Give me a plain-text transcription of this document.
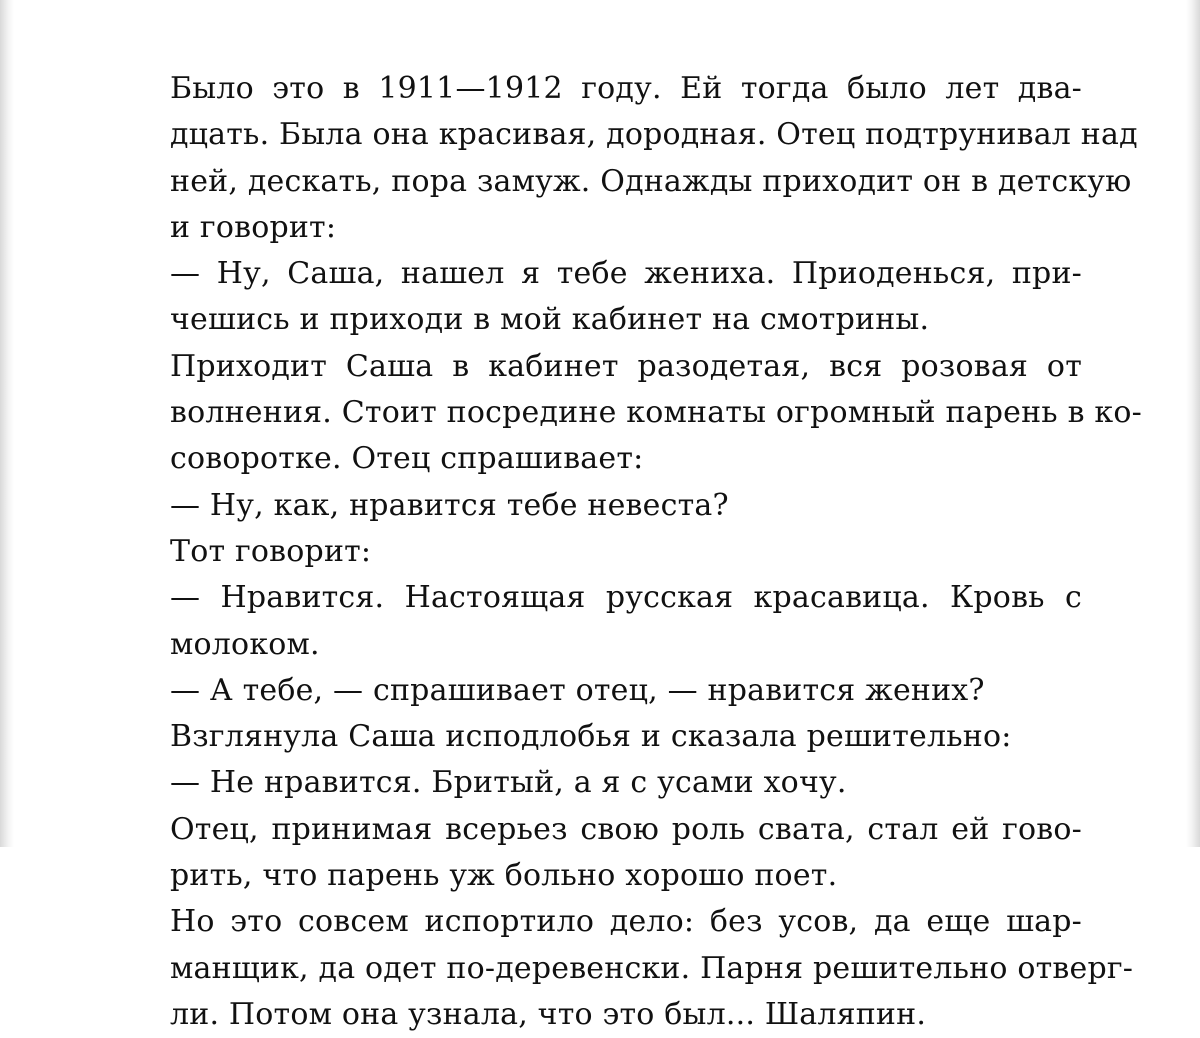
Было это в 1911—1912 году. Ей тогда было лет два-
дцать. Была она красивая, дородная. Отец подтрунивал над
ней, дескать, пора замуж. Однажды приходит он в детскую
и говорит:
— Ну, Саша, нашел я тебе жениха. Приоденься, при-
чешись и приходи в мой кабинет на смотрины.
Приходит Саша в кабинет разодетая, вся розовая от
волнения. Стоит посредине комнаты огромный парень в ко-
соворотке. Отец спрашивает:
— Ну, как, нравится тебе невеста?
Тот говорит:
— Нравится. Настоящая русская красавица. Кровь с
молоком.
— А тебе, — спрашивает отец, — нравится жених?
Взглянула Саша исподлобья и сказала решительно:
— Не нравится. Бритый, а я с усами хочу.
Отец, принимая всерьез свою роль свата, стал ей гово-
рить, что парень уж больно хорошо поет.
Но это совсем испортило дело: без усов, да еще шар-
манщик, да одет по-деревенски. Парня решительно отверг-
ли. Потом она узнала, что это был... Шаляпин.
